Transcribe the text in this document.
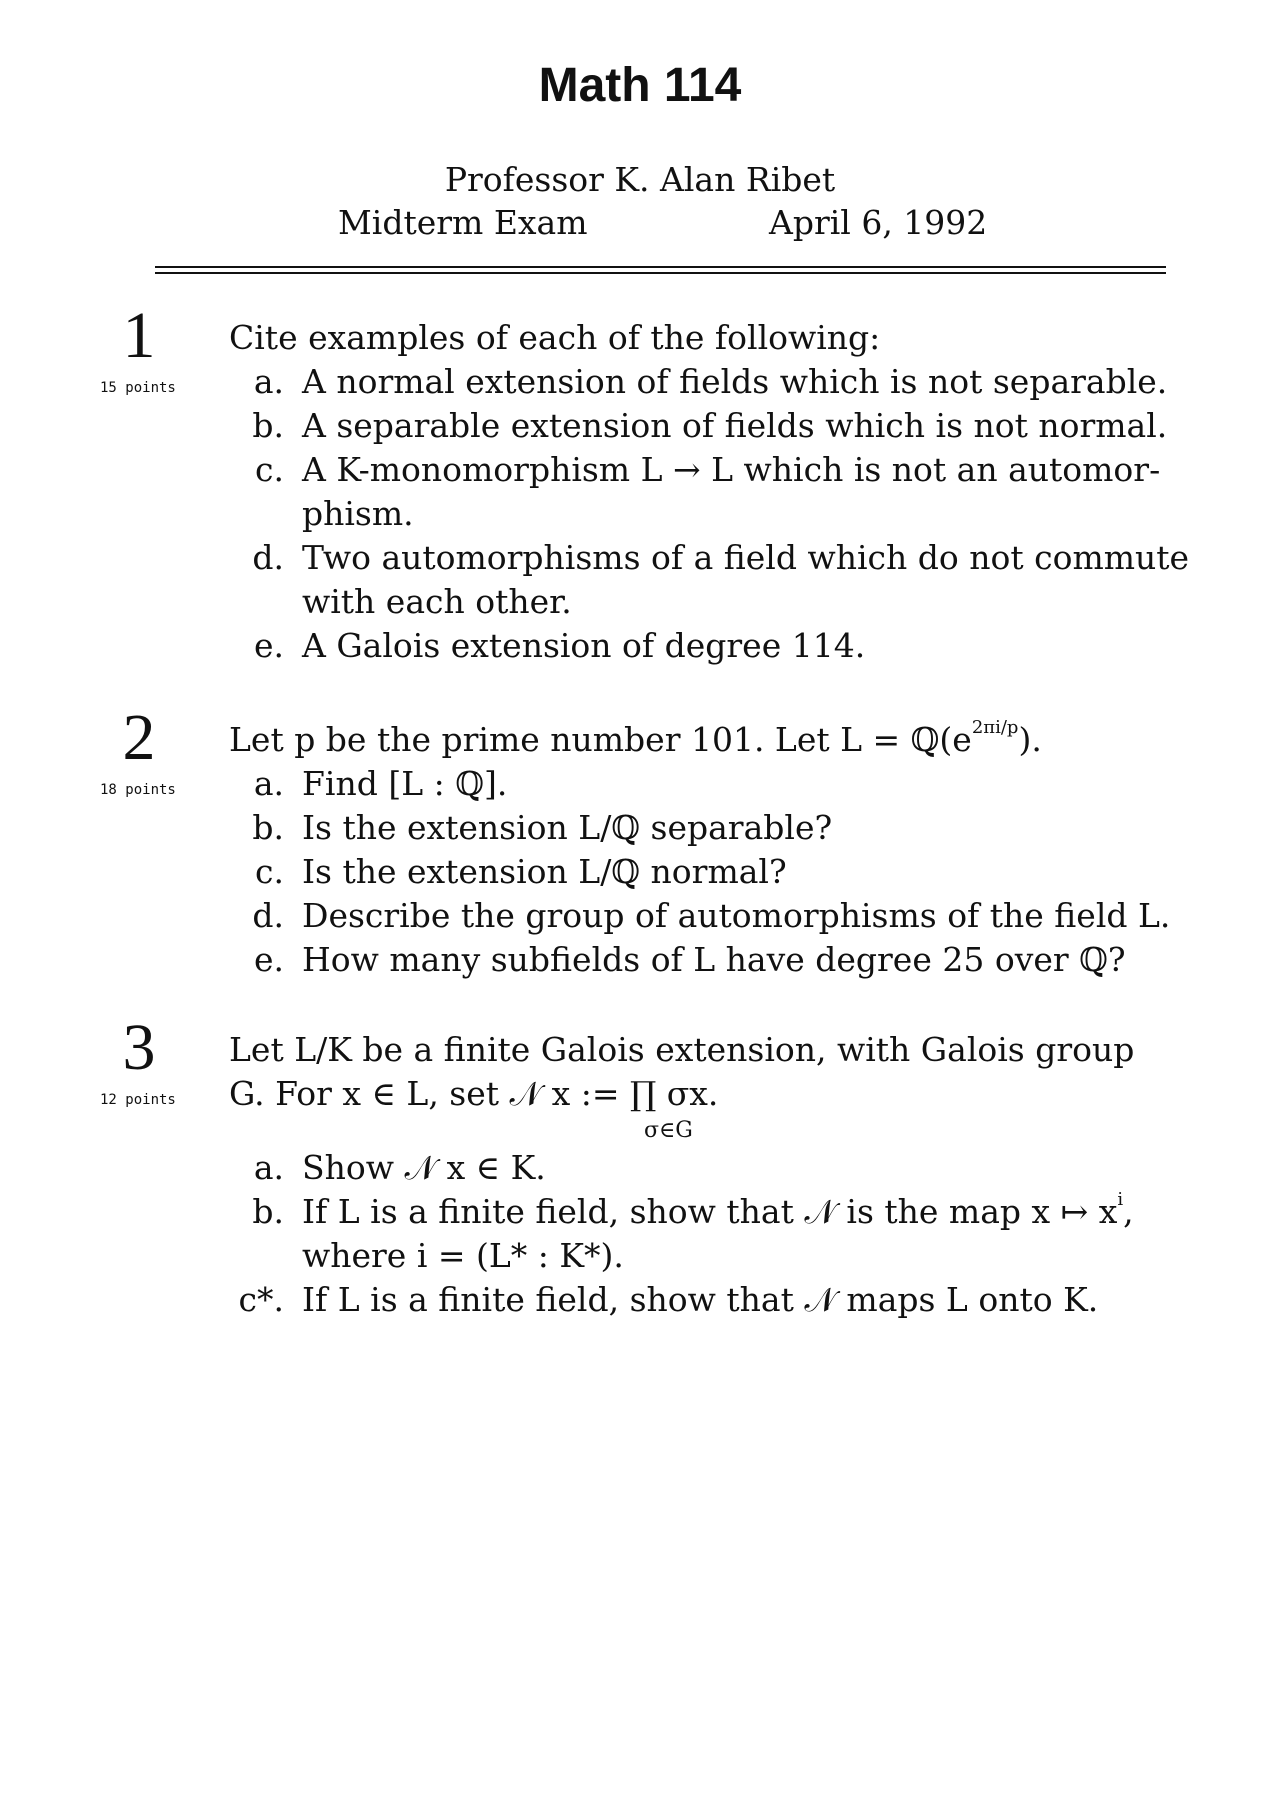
Math 114
Professor K. Alan Ribet
Midterm Exam	April 6, 1992
1
15 points
Cite examples of each of the following:
a. A normal extension of fields which is not separable.
b. A separable extension of fields which is not normal.
c. A K-monomorphism L → L which is not an automor-
phism.
d. Two automorphisms of a field which do not commute
with each other.
e. A Galois extension of degree 114.
2
18 points
Let p be the prime number 101. Let $L = ℚ(e^{2\pi i/p})$.
a. Find [L : ℚ].
b. Is the extension L/ℚ separable?
c. Is the extension L/ℚ normal?
d. Describe the group of automorphisms of the field L.
e. How many subfields of L have degree 25 over ℚ?
3
12 points
Let L/K be a finite Galois extension, with Galois group
G. For x ∈ L, set 𝒩 x := ∏ σx.
σ∈G
a. Show 𝒩 x ∈ K.
b. If L is a finite field, show that 𝒩 is the map x ↦ $x^i$,
where i = (L* : K*).
c*. If L is a finite field, show that 𝒩 maps L onto K.
